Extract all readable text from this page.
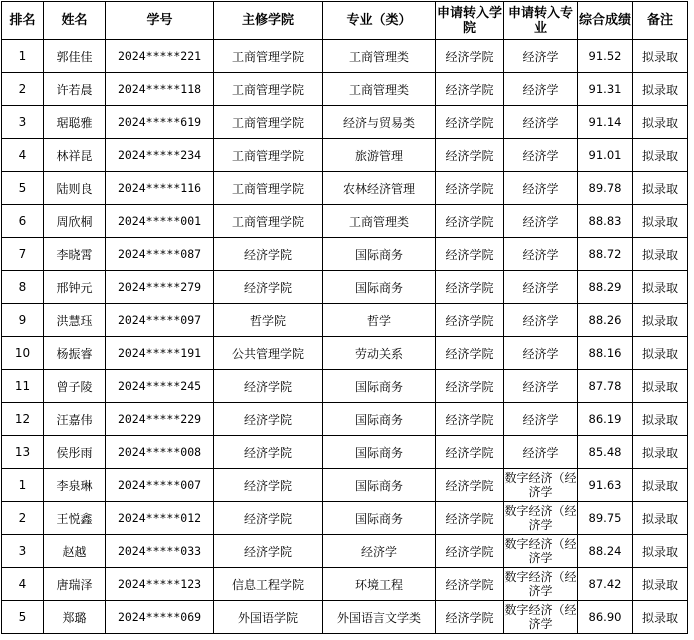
排名	姓名	学号	主修学院	专业（类）	申请转入学院	申请转入专业	综合成绩	备注
1	郭佳佳	2024*****221	工商管理学院	工商管理类	经济学院	经济学	91.52	拟录取
2	许若晨	2024*****118	工商管理学院	工商管理类	经济学院	经济学	91.31	拟录取
3	琚聪雅	2024*****619	工商管理学院	经济与贸易类	经济学院	经济学	91.14	拟录取
4	林祥昆	2024*****234	工商管理学院	旅游管理	经济学院	经济学	91.01	拟录取
5	陆则良	2024*****116	工商管理学院	农林经济管理	经济学院	经济学	89.78	拟录取
6	周欣桐	2024*****001	工商管理学院	工商管理类	经济学院	经济学	88.83	拟录取
7	李晓霄	2024*****087	经济学院	国际商务	经济学院	经济学	88.72	拟录取
8	邢钟元	2024*****279	经济学院	国际商务	经济学院	经济学	88.29	拟录取
9	洪慧珏	2024*****097	哲学院	哲学	经济学院	经济学	88.26	拟录取
10	杨振睿	2024*****191	公共管理学院	劳动关系	经济学院	经济学	88.16	拟录取
11	曾子陵	2024*****245	经济学院	国际商务	经济学院	经济学	87.78	拟录取
12	汪嘉伟	2024*****229	经济学院	国际商务	经济学院	经济学	86.19	拟录取
13	侯彤雨	2024*****008	经济学院	国际商务	经济学院	经济学	85.48	拟录取
1	李泉琳	2024*****007	经济学院	国际商务	经济学院	数字经济（经济学	91.63	拟录取
2	王悦鑫	2024*****012	经济学院	国际商务	经济学院	数字经济（经济学	89.75	拟录取
3	赵越	2024*****033	经济学院	经济学	经济学院	数字经济（经济学	88.24	拟录取
4	唐瑞泽	2024*****123	信息工程学院	环境工程	经济学院	数字经济（经济学	87.42	拟录取
5	郑璐	2024*****069	外国语学院	外国语言文学类	经济学院	数字经济（经济学	86.90	拟录取
